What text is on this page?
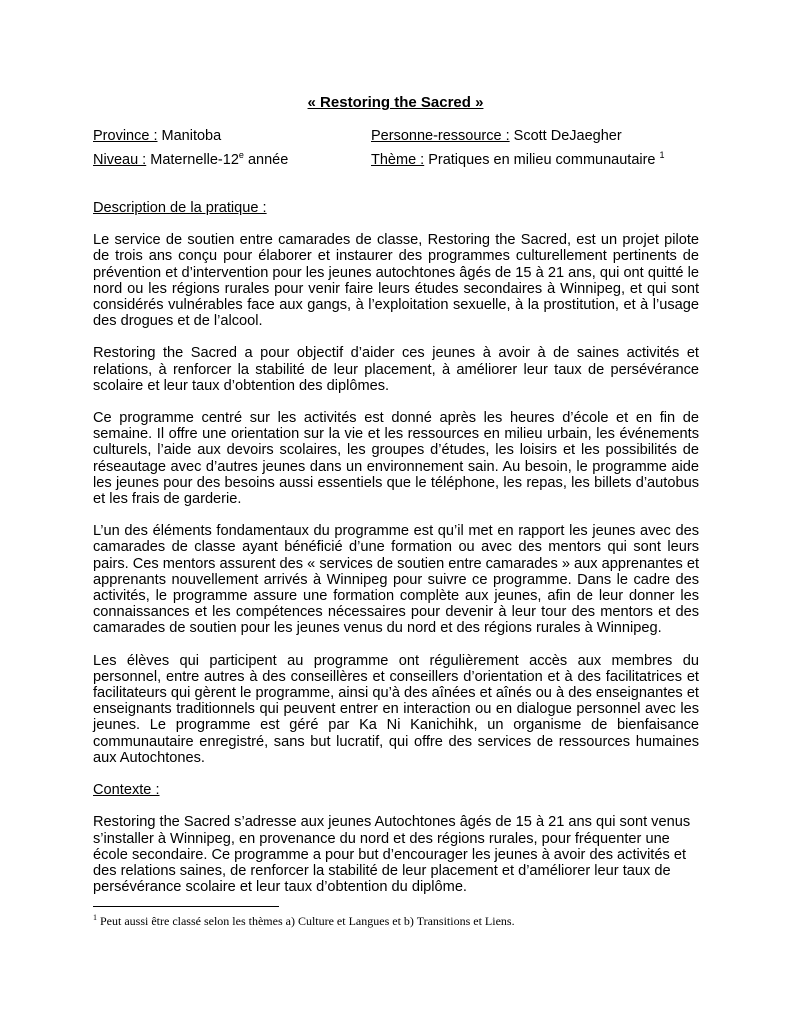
« Restoring the Sacred »
Province : Manitoba
Niveau : Maternelle-12e année
Personne-ressource : Scott DeJaegher
Thème : Pratiques en milieu communautaire $^1$

Description de la pratique :

Le service de soutien entre camarades de classe, Restoring the Sacred, est un projet pilote de trois ans conçu pour élaborer et instaurer des programmes culturellement pertinents de prévention et d’intervention pour les jeunes autochtones âgés de 15 à 21 ans, qui ont quitté le nord ou les régions rurales pour venir faire leurs études secondaires à Winnipeg, et qui sont considérés vulnérables face aux gangs, à l’exploitation sexuelle, à la prostitution, et à l’usage des drogues et de l’alcool.

Restoring the Sacred a pour objectif d’aider ces jeunes à avoir à de saines activités et relations, à renforcer la stabilité de leur placement, à améliorer leur taux de persévérance scolaire et leur taux d’obtention des diplômes.

Ce programme centré sur les activités est donné après les heures d’école et en fin de semaine. Il offre une orientation sur la vie et les ressources en milieu urbain, les événements culturels, l’aide aux devoirs scolaires, les groupes d’études, les loisirs et les possibilités de réseautage avec d’autres jeunes dans un environnement sain. Au besoin, le programme aide les jeunes pour des besoins aussi essentiels que le téléphone, les repas, les billets d’autobus et les frais de garderie.

L’un des éléments fondamentaux du programme est qu’il met en rapport les jeunes avec des camarades de classe ayant bénéficié d’une formation ou avec des mentors qui sont leurs pairs. Ces mentors assurent des « services de soutien entre camarades » aux apprenantes et apprenants nouvellement arrivés à Winnipeg pour suivre ce programme. Dans le cadre des activités, le programme assure une formation complète aux jeunes, afin de leur donner les connaissances et les compétences nécessaires pour devenir à leur tour des mentors et des camarades de soutien pour les jeunes venus du nord et des régions rurales à Winnipeg.

Les élèves qui participent au programme ont régulièrement accès aux membres du personnel, entre autres à des conseillères et conseillers d’orientation et à des facilitatrices et facilitateurs qui gèrent le programme, ainsi qu’à des aînées et aînés ou à des enseignantes et enseignants traditionnels qui peuvent entrer en interaction ou en dialogue personnel avec les jeunes. Le programme est géré par Ka Ni Kanichihk, un organisme de bienfaisance communautaire enregistré, sans but lucratif, qui offre des services de ressources humaines aux Autochtones.

Contexte :

Restoring the Sacred s’adresse aux jeunes Autochtones âgés de 15 à 21 ans qui sont venus s’installer à Winnipeg, en provenance du nord et des régions rurales, pour fréquenter une école secondaire. Ce programme a pour but d’encourager les jeunes à avoir des activités et des relations saines, de renforcer la stabilité de leur placement et d’améliorer leur taux de persévérance scolaire et leur taux d’obtention du diplôme.

$^1$ Peut aussi être classé selon les thèmes a) Culture et Langues et b) Transitions et Liens.
